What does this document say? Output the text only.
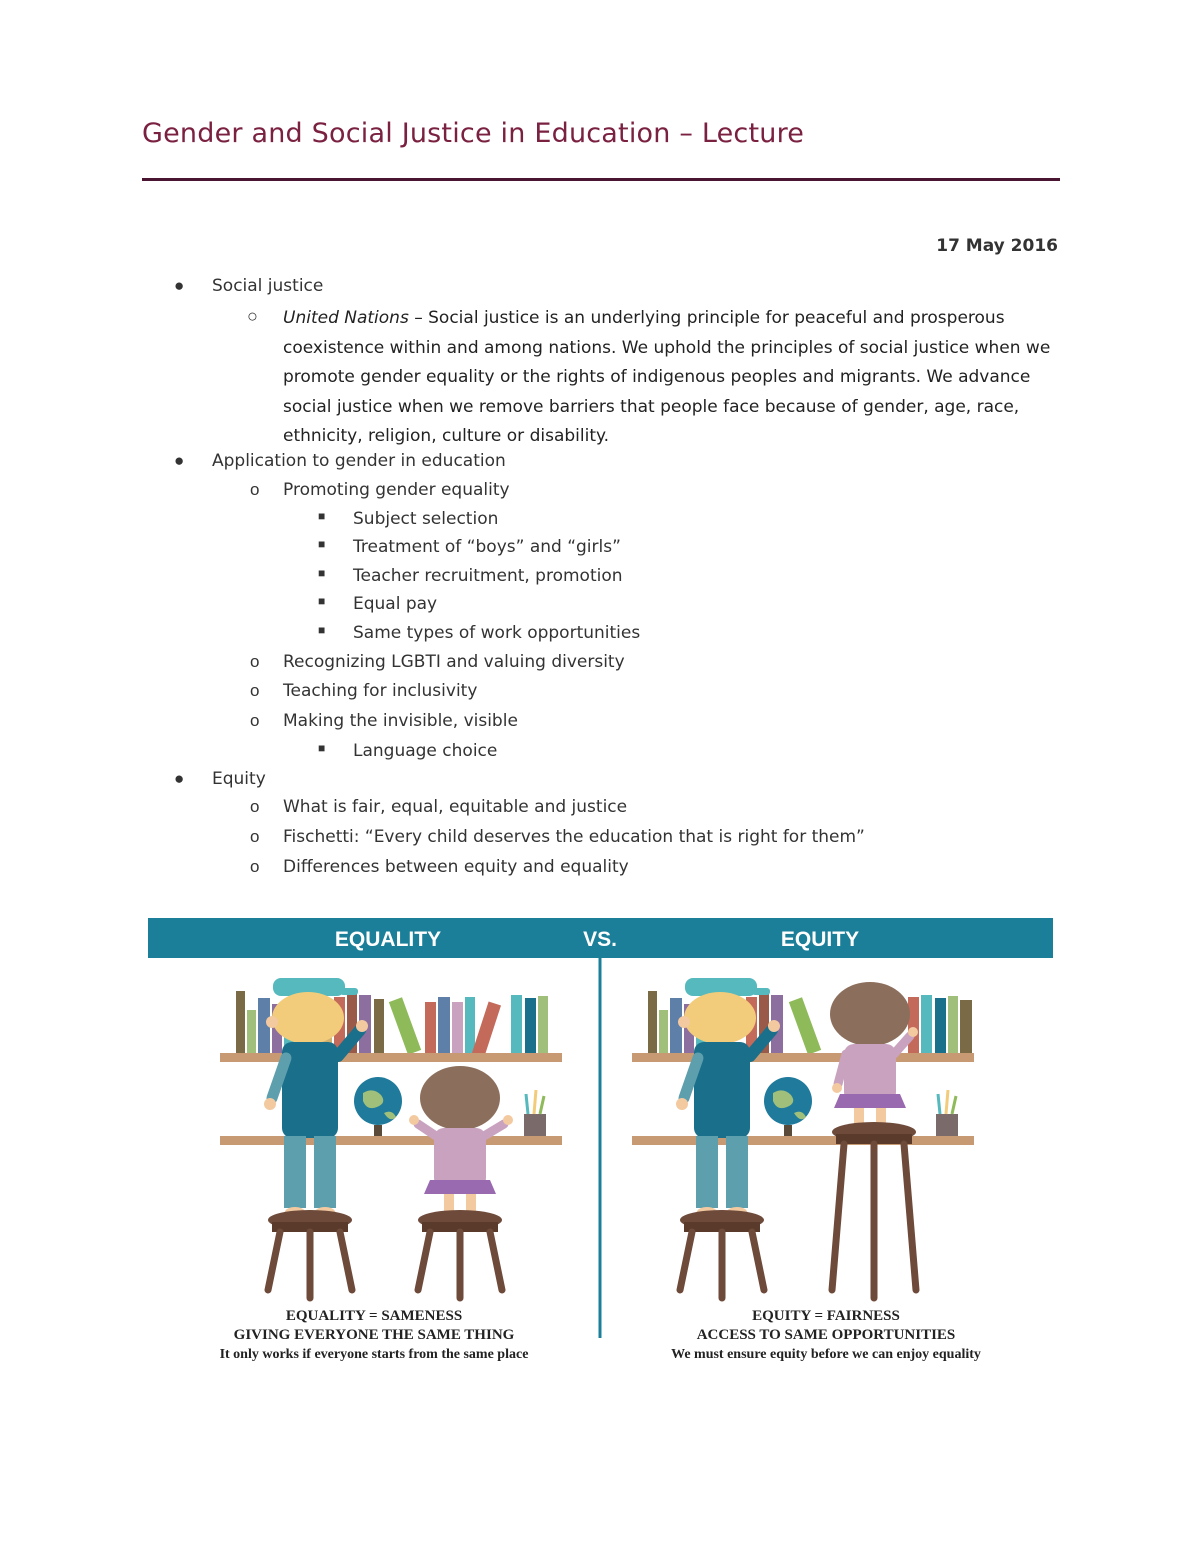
Gender and Social Justice in Education – Lecture
17 May 2016
● Social justice
○ United Nations – Social justice is an underlying principle for peaceful and prosperous coexistence within and among nations. We uphold the principles of social justice when we promote gender equality or the rights of indigenous peoples and migrants. We advance social justice when we remove barriers that people face because of gender, age, race, ethnicity, religion, culture or disability.
● Application to gender in education
o Promoting gender equality
■ Subject selection
■ Treatment of “boys” and “girls”
■ Teacher recruitment, promotion
■ Equal pay
■ Same types of work opportunities
o Recognizing LGBTI and valuing diversity
o Teaching for inclusivity
o Making the invisible, visible
■ Language choice
● Equity
o What is fair, equal, equitable and justice
o Fischetti: “Every child deserves the education that is right for them”
o Differences between equity and equality
EQUALITY	VS.	EQUITY
EQUALITY = SAMENESS
GIVING EVERYONE THE SAME THING
It only works if everyone starts from the same place
EQUITY = FAIRNESS
ACCESS TO SAME OPPORTUNITIES
We must ensure equity before we can enjoy equality
